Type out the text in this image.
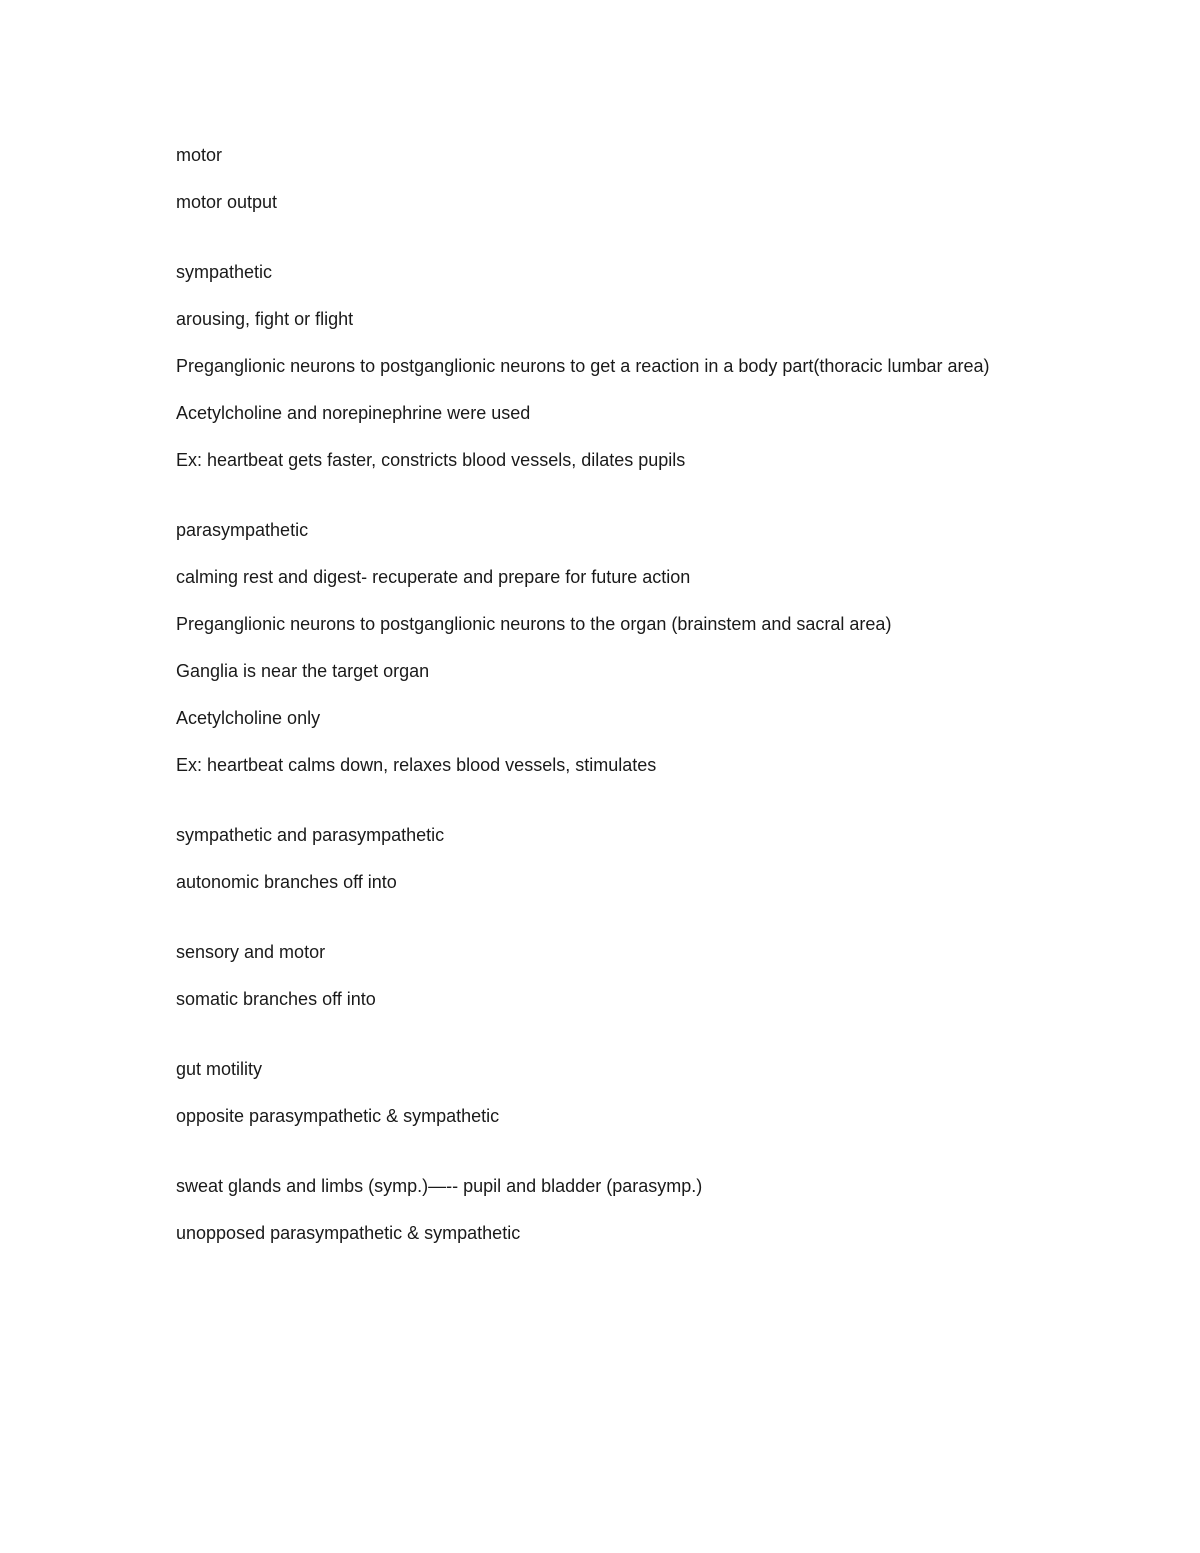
motor
motor output
sympathetic
arousing, fight or flight
Preganglionic neurons to postganglionic neurons to get a reaction in a body part(thoracic lumbar area)
Acetylcholine and norepinephrine were used
Ex: heartbeat gets faster, constricts blood vessels, dilates pupils
parasympathetic
calming rest and digest- recuperate and prepare for future action
Preganglionic neurons to postganglionic neurons to the organ (brainstem and sacral area)
Ganglia is near the target organ
Acetylcholine only
Ex: heartbeat calms down, relaxes blood vessels, stimulates
sympathetic and parasympathetic
autonomic branches off into
sensory and motor
somatic branches off into
gut motility
opposite parasympathetic & sympathetic
sweat glands and limbs (symp.)—-- pupil and bladder (parasymp.)
unopposed parasympathetic & sympathetic
